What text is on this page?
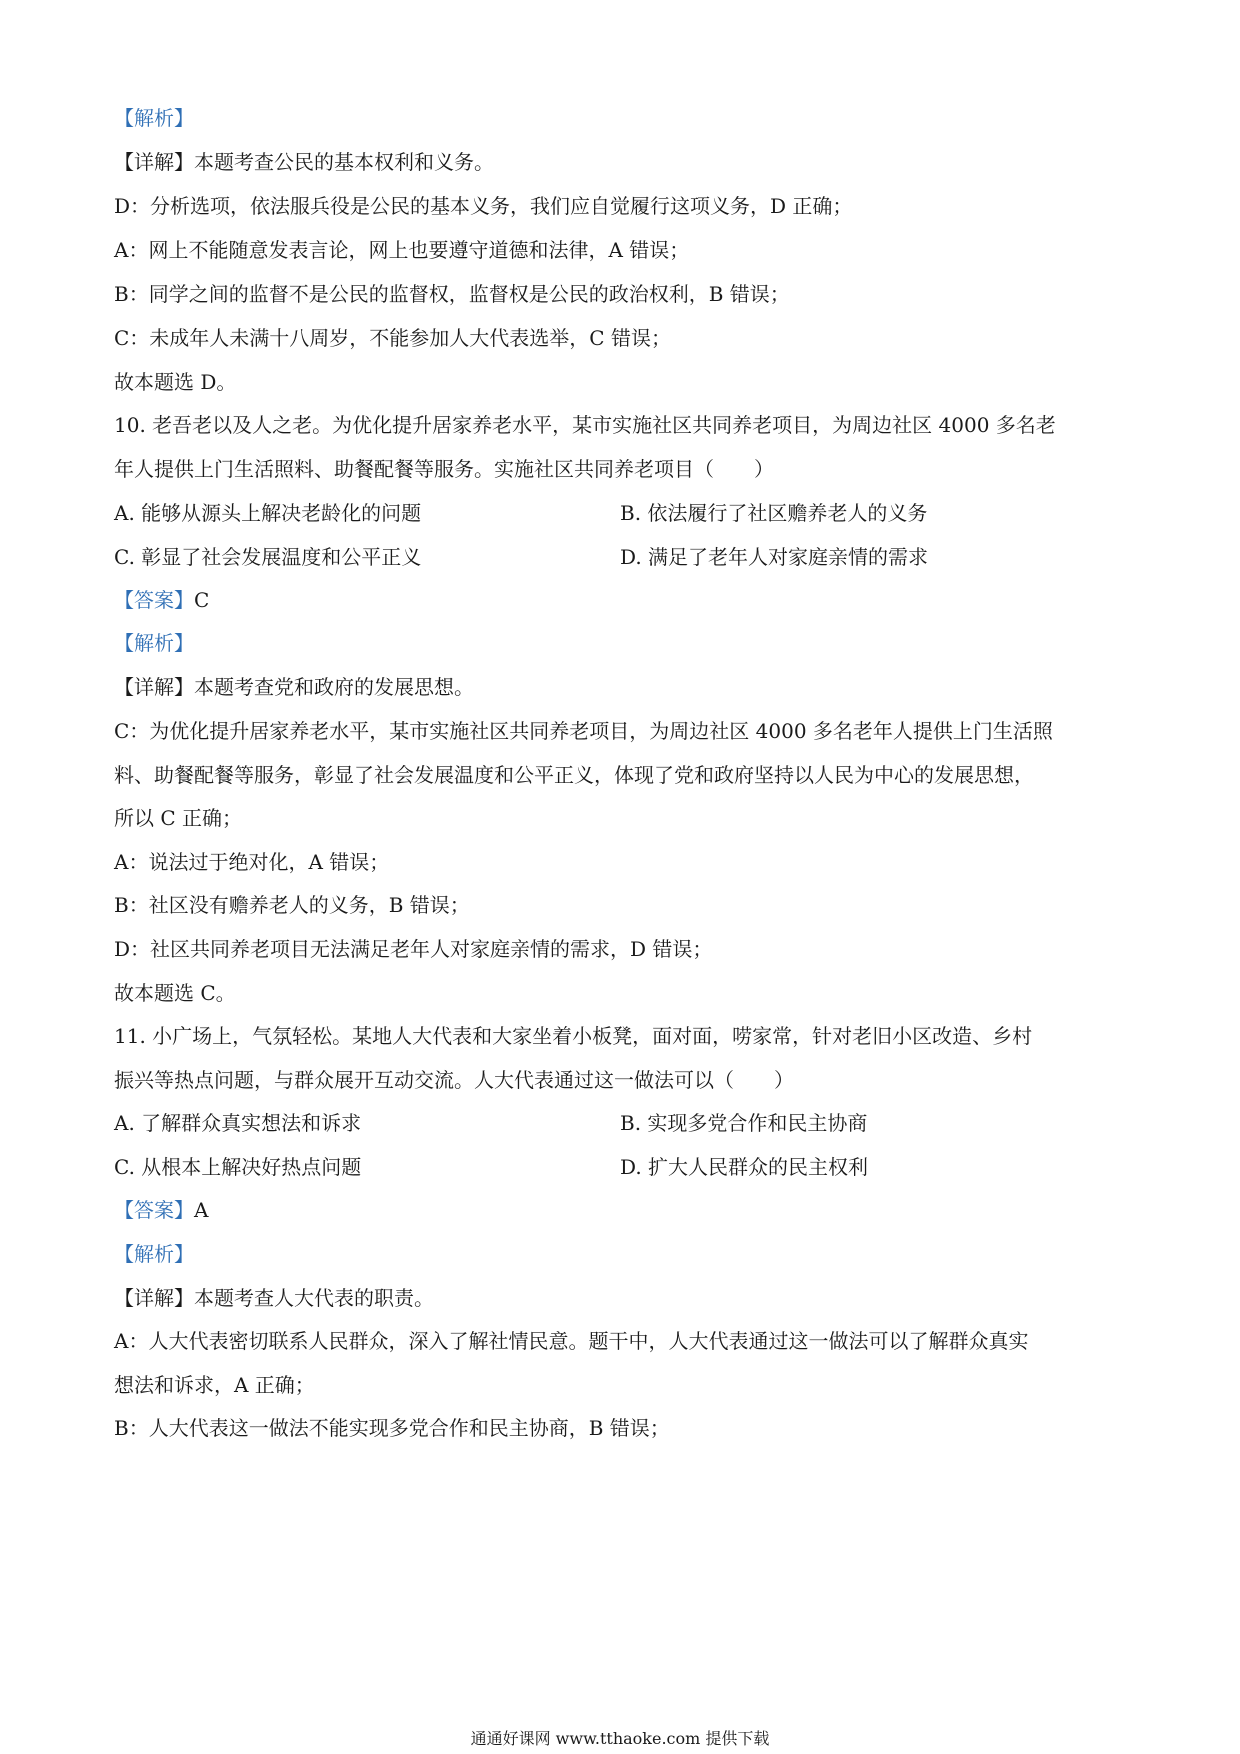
【解析】
【详解】本题考查公民的基本权利和义务。
D：分析选项，依法服兵役是公民的基本义务，我们应自觉履行这项义务，D 正确；
A：网上不能随意发表言论，网上也要遵守道德和法律，A 错误；
B：同学之间的监督不是公民的监督权，监督权是公民的政治权利，B 错误；
C：未成年人未满十八周岁，不能参加人大代表选举，C 错误；
故本题选 D。
10. 老吾老以及人之老。为优化提升居家养老水平，某市实施社区共同养老项目，为周边社区 4000 多名老
年人提供上门生活照料、助餐配餐等服务。实施社区共同养老项目（　　）
A. 能够从源头上解决老龄化的问题	B. 依法履行了社区赡养老人的义务
C. 彰显了社会发展温度和公平正义	D. 满足了老年人对家庭亲情的需求
【答案】C
【解析】
【详解】本题考查党和政府的发展思想。
C：为优化提升居家养老水平，某市实施社区共同养老项目，为周边社区 4000 多名老年人提供上门生活照
料、助餐配餐等服务，彰显了社会发展温度和公平正义，体现了党和政府坚持以人民为中心的发展思想，
所以 C 正确；
A：说法过于绝对化，A 错误；
B：社区没有赡养老人的义务，B 错误；
D：社区共同养老项目无法满足老年人对家庭亲情的需求，D 错误；
故本题选 C。
11. 小广场上，气氛轻松。某地人大代表和大家坐着小板凳，面对面，唠家常，针对老旧小区改造、乡村
振兴等热点问题，与群众展开互动交流。人大代表通过这一做法可以（　　）
A. 了解群众真实想法和诉求	B. 实现多党合作和民主协商
C. 从根本上解决好热点问题	D. 扩大人民群众的民主权利
【答案】A
【解析】
【详解】本题考查人大代表的职责。
A：人大代表密切联系人民群众，深入了解社情民意。题干中，人大代表通过这一做法可以了解群众真实
想法和诉求，A 正确；
B：人大代表这一做法不能实现多党合作和民主协商，B 错误；
通通好课网 www.tthaoke.com 提供下载
